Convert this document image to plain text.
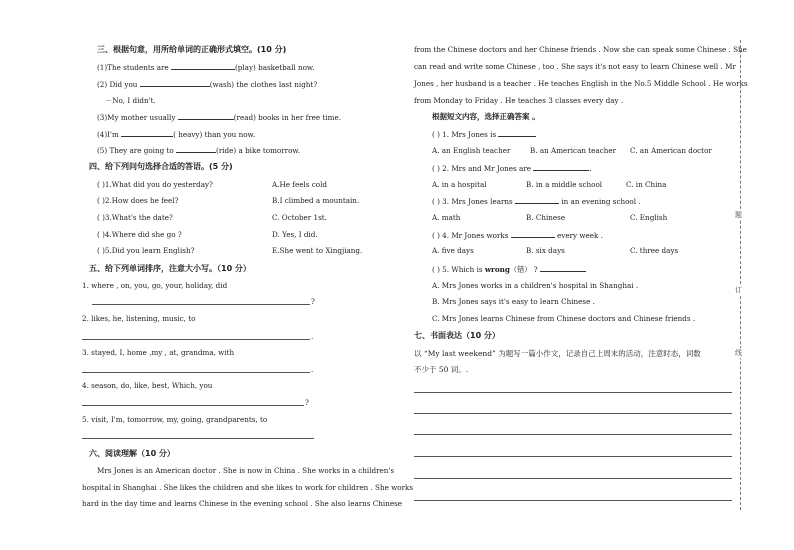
三、根据句意，用所给单词的正确形式填空。(10 分)
(1)The students are	(play) basketball now.
(2) Did you	(wash) the clothes last night?
－No, I didn't.
(3)My mother usually	(read) books in her free time.
(4)I'm	( heavy) than you now.
(5) They are going to	(ride) a bike tomorrow.
四、给下列问句选择合适的答语。(5 分)
( )1.What did you do yesterday?	A.He feels cold
( )2.How does he feel?	B.I climbed a mountain.
( )3.What's the date?	C. October 1st.
( )4.Where did she go ?	D. Yes, I did.
( )5.Did you learn English?	E.She went to Xingjiang.
五、给下列单词排序，注意大小写。（10 分）
1. where , on, you, go, your, holiday, did
?
2. likes, he, listening, music, to
.
3. stayed, I, home ,my , at, grandma, with
.
4. season, do, like, best, Which, you
?
5. visit, I'm, tomorrow, my, going, grandparents, to
六、阅读理解（10 分）
Mrs Jones is an American doctor . She is now in China . She works in a children's
hospital in Shanghai . She likes the children and she likes to work for children . She works
hard in the day time and learns Chinese in the evening school . She also learns Chinese
from the Chinese doctors and her Chinese friends . Now she can speak some Chinese . She
can read and write some Chinese , too . She says it's not easy to learn Chinese well . Mr
Jones , her husband is a teacher . He teaches English in the No.5 Middle School . He works
from Monday to Friday . He teaches 3 classes every day .
根据短文内容，选择正确答案 。
( ) 1. Mrs Jones is
A. an English teacher	B. an American teacher C. an American doctor
( ) 2. Mrs and Mr Jones are	.
A. in a hospital	B. in a middle school	C. in China
( ) 3. Mrs Jones learns	in an evening school .
A. math	B. Chinese	C. English
( ) 4. Mr Jones works	every week .
A. five days	B. six days	C. three days
( ) 5. Which is wrong（错） ?
A. Mrs Jones works in a children's hospital in Shanghai .
B. Mrs Jones says it's easy to learn Chinese .
C. Mrs Jones learns Chinese from Chinese doctors and Chinese friends .
七、书面表达（10 分）
以 “My last weekend” 为题写一篇小作文，记录自己上周末的活动，注意时态，词数
不少于 50 词。.
题
订
线
